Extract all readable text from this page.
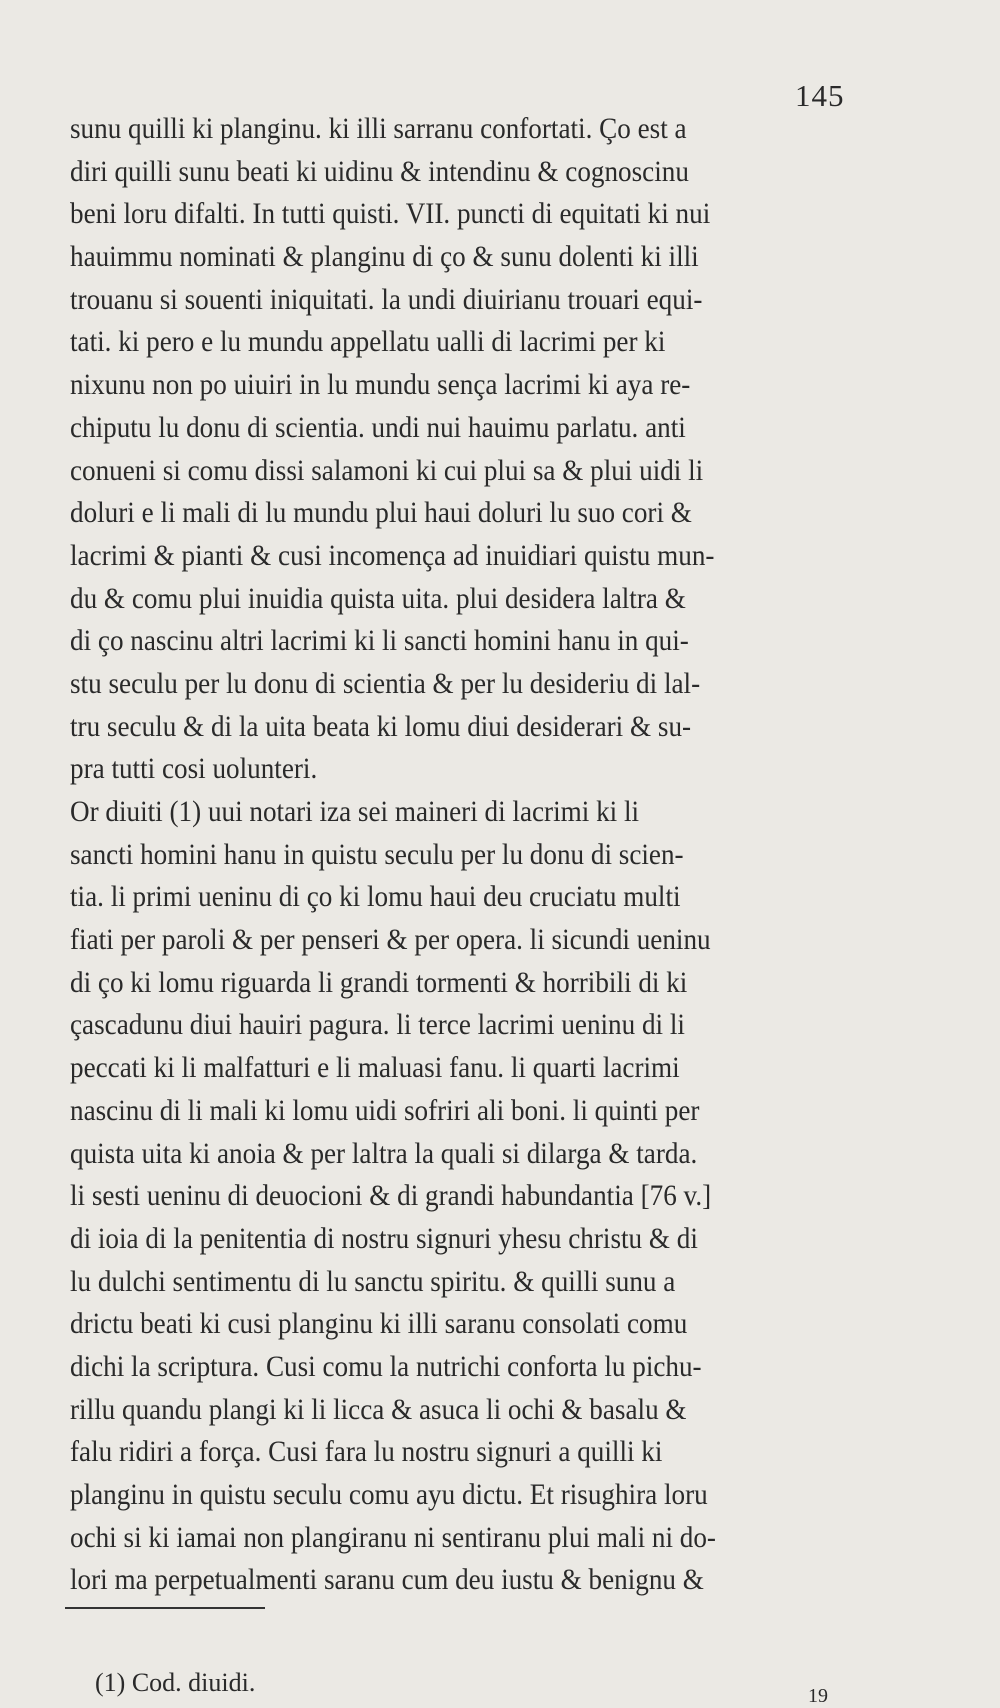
145
sunu quilli ki planginu. ki illi sarranu confortati. Ço est a
diri quilli sunu beati ki uidinu & intendinu & cognoscinu
beni loru difalti. In tutti quisti. VII. puncti di equitati ki nui
hauimmu nominati & planginu di ço & sunu dolenti ki illi
trouanu si souenti iniquitati. la undi diuirianu trouari equi-
tati. ki pero e lu mundu appellatu ualli di lacrimi per ki
nixunu non po uiuiri in lu mundu sença lacrimi ki aya re-
chiputu lu donu di scientia. undi nui hauimu parlatu. anti
conueni si comu dissi salamoni ki cui plui sa & plui uidi li
doluri e li mali di lu mundu plui haui doluri lu suo cori &
lacrimi & pianti & cusi incomença ad inuidiari quistu mun-
du & comu plui inuidia quista uita. plui desidera laltra &
di ço nascinu altri lacrimi ki li sancti homini hanu in qui-
stu seculu per lu donu di scientia & per lu desideriu di lal-
tru seculu & di la uita beata ki lomu diui desiderari & su-
pra tutti cosi uolunteri.
Or diuiti (1) uui notari iza sei maineri di lacrimi ki li
sancti homini hanu in quistu seculu per lu donu di scien-
tia. li primi ueninu di ço ki lomu haui deu cruciatu multi
fiati per paroli & per penseri & per opera. li sicundi ueninu
di ço ki lomu riguarda li grandi tormenti & horribili di ki
çascadunu diui hauiri pagura. li terce lacrimi ueninu di li
peccati ki li malfatturi e li maluasi fanu. li quarti lacrimi
nascinu di li mali ki lomu uidi sofriri ali boni. li quinti per
quista uita ki anoia & per laltra la quali si dilarga & tarda.
li sesti ueninu di deuocioni & di grandi habundantia [76 v.]
di ioia di la penitentia di nostru signuri yhesu christu & di
lu dulchi sentimentu di lu sanctu spiritu. & quilli sunu a
drictu beati ki cusi planginu ki illi saranu consolati comu
dichi la scriptura. Cusi comu la nutrichi conforta lu pichu-
rillu quandu plangi ki li licca & asuca li ochi & basalu &
falu ridiri a força. Cusi fara lu nostru signuri a quilli ki
planginu in quistu seculu comu ayu dictu. Et risughira loru
ochi si ki iamai non plangiranu ni sentiranu plui mali ni do-
lori ma perpetualmenti saranu cum deu iustu & benignu &
(1) Cod. diuidi.	19
